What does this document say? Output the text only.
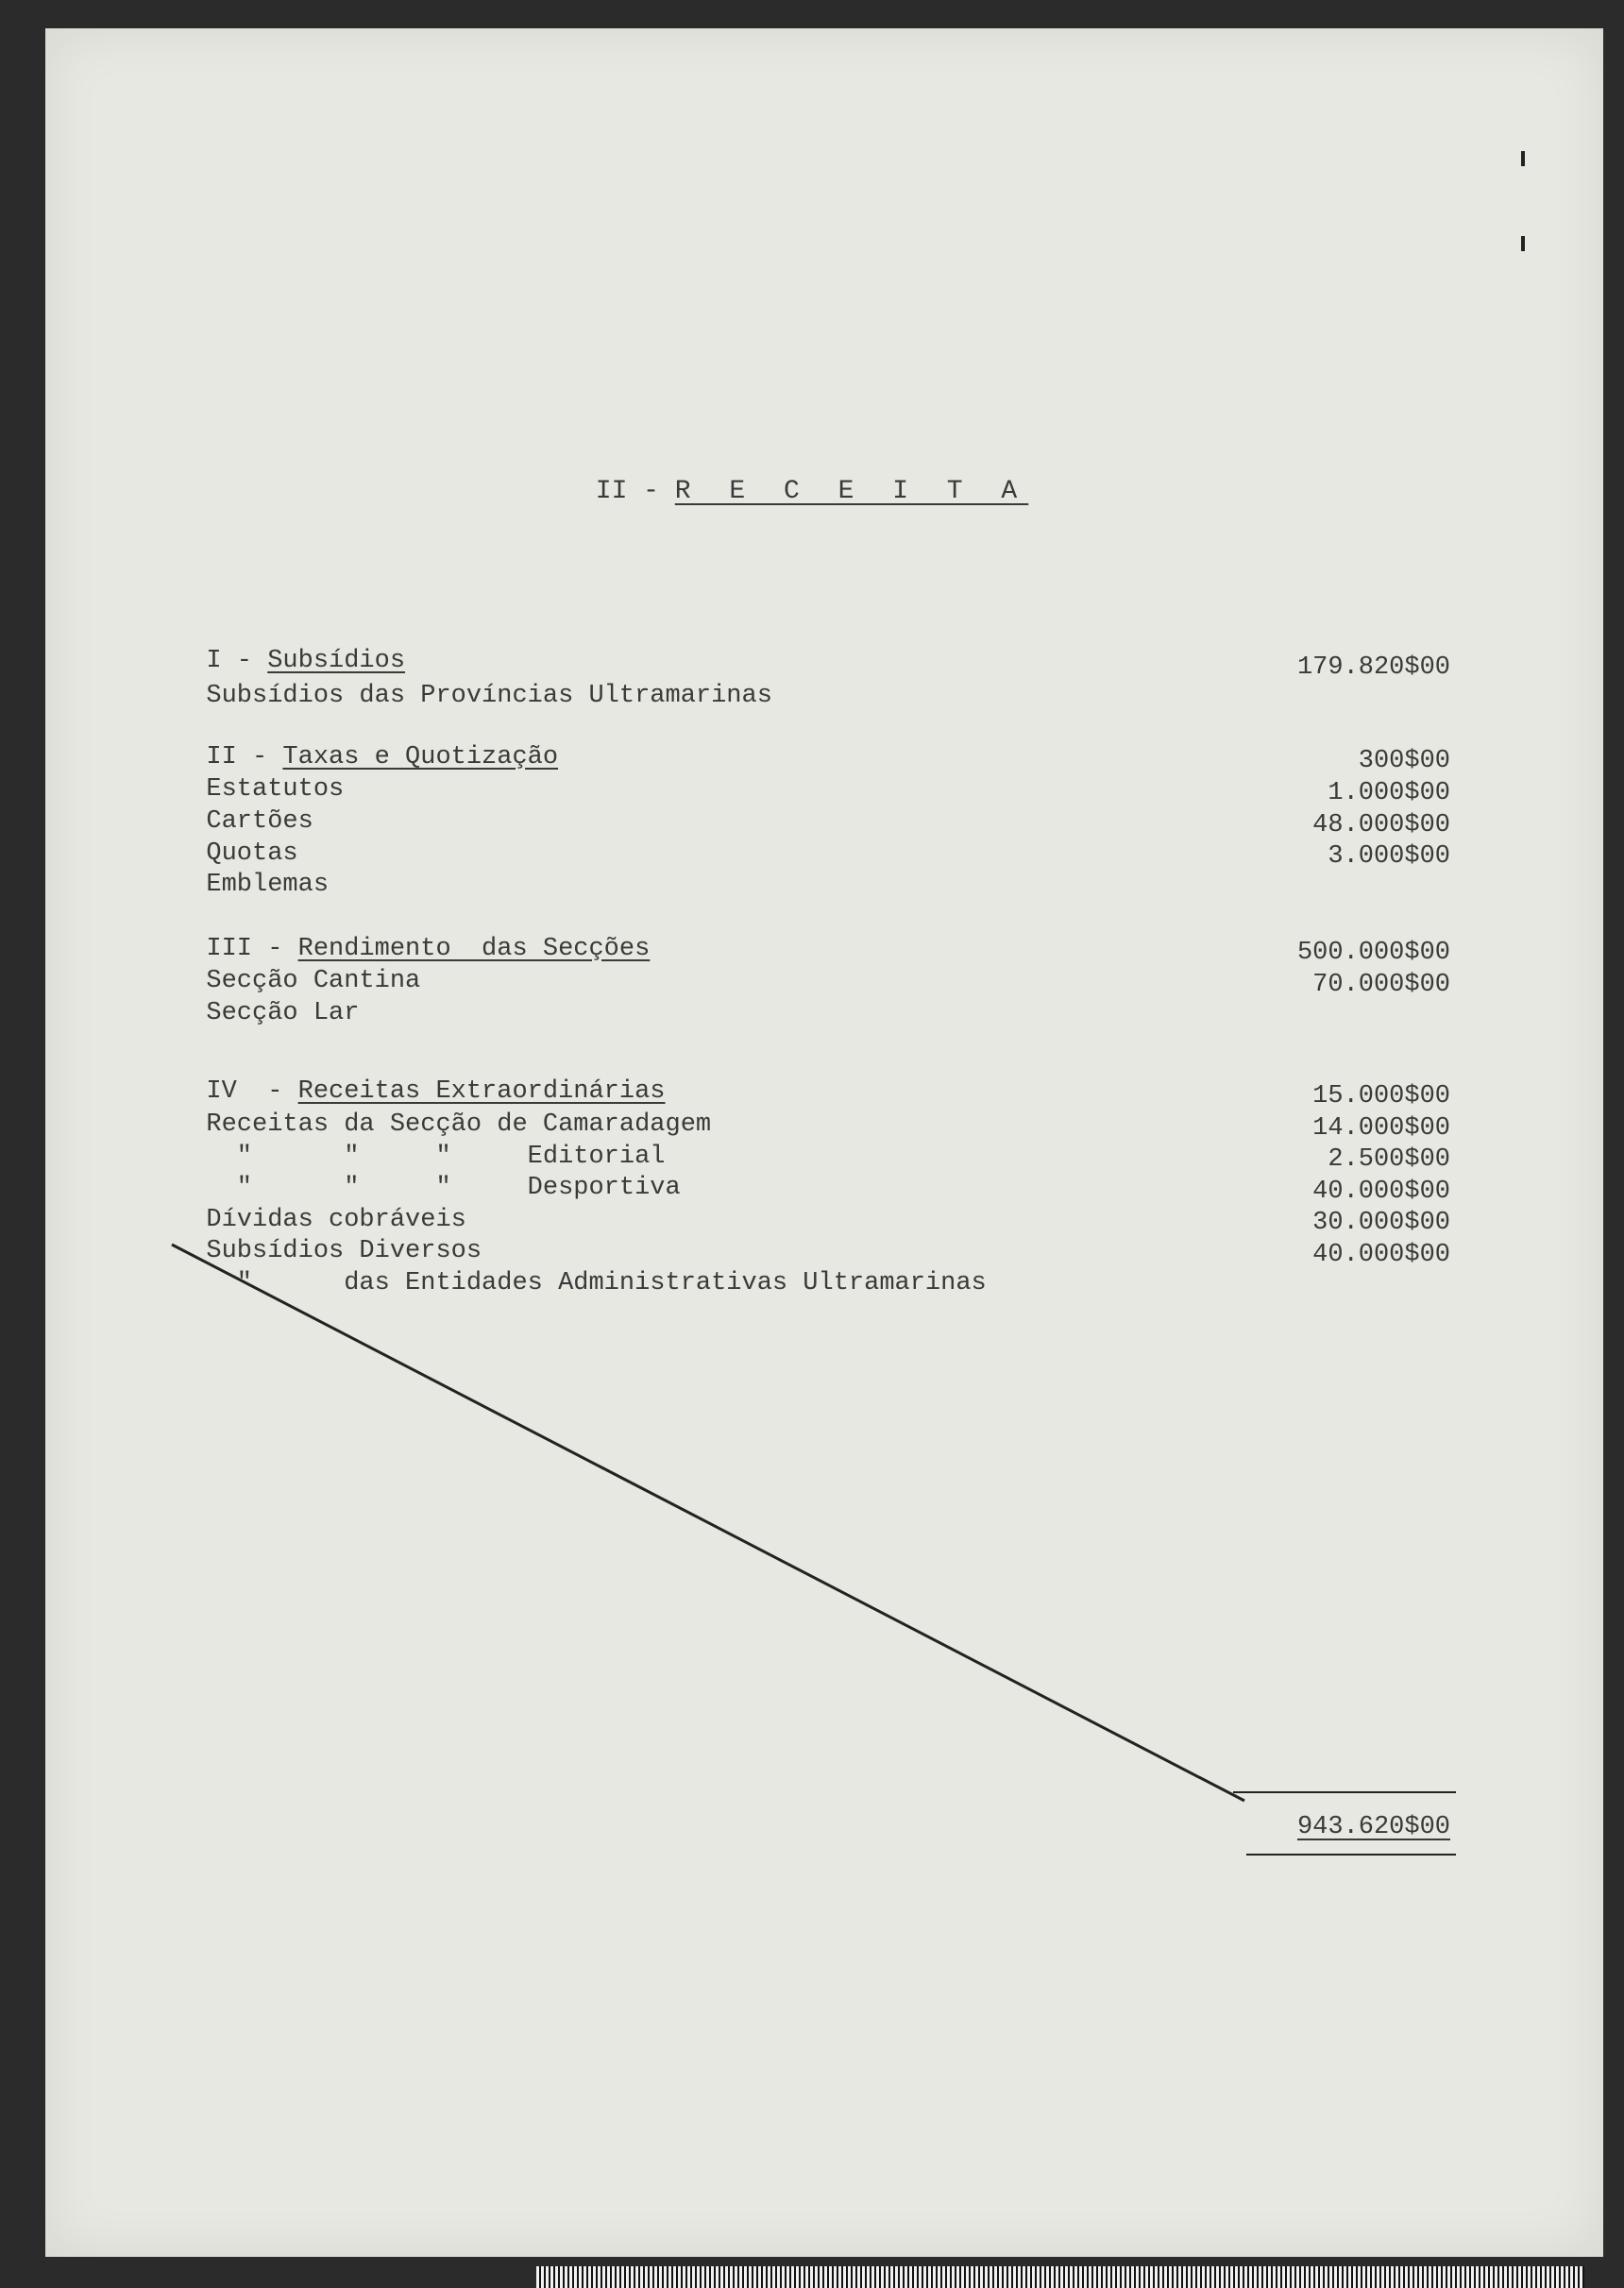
II - R E C E I T A

I - Subsídios

Subsídios das Províncias Ultramarinas

179.820$00

II - Taxas e Quotização

Estatutos

300$00

Cartões

1.000$00

Quotas

48.000$00

Emblemas

3.000$00

III - Rendimento  das Secções

Secção Cantina

500.000$00

Secção Lar

70.000$00

IV  - Receitas Extraordinárias

Receitas da Secção de Camaradagem

15.000$00

"      "     "     Editorial

14.000$00

"      "     "     Desportiva

2.500$00

Dívidas cobráveis

40.000$00

Subsídios Diversos

30.000$00

"      das Entidades Administrativas Ultramarinas

40.000$00

943.620$00
